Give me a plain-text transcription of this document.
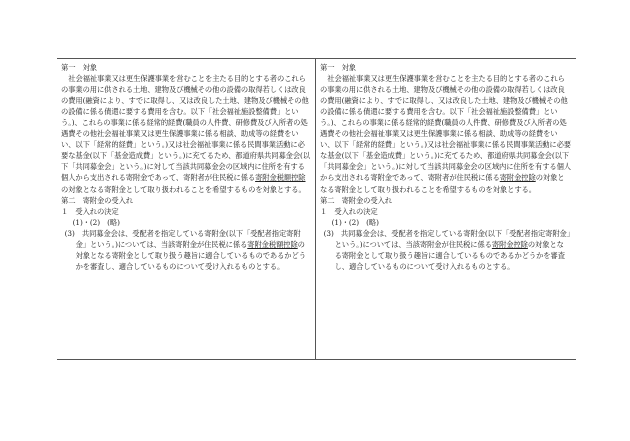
第一　対象

社会福祉事業又は更生保護事業を営むことを主たる目的とする者のこれらの事業の用に供される土地、建物及び機械その他の設備の取得若しくは改良の費用(融資により、すでに取得し、又は改良した土地、建物及び機械その他の設備に係る債還に要する費用を含む。以下「社会福祉施設整備費」という。)、これらの事業に係る経常的経費(職員の人件費、研修費及び入所者の処遇費その他社会福祉事業又は更生保護事業に係る相談、助成等の経費をいい、以下「経常的経費」という。)又は社会福祉事業に係る民間事業活動に必要な基金(以下「基金造成費」という。)に充てるため、都道府県共同募金会(以下「共同募金会」という。)に対して当該共同募金会の区域内に住所を有する個人から支出される寄附金であって、寄附者が住民税に係る寄附金税額控除の対象となる寄附金として取り扱われることを希望するものを対象とする。

第二　寄附金の受入れ

１　受入れの決定

(1)・(2)　(略)

(3)　共同募金会は、受配者を指定している寄附金(以下「受配者指定寄附金」という。)については、当該寄附金が住民税に係る寄附金税額控除の対象となる寄附金として取り扱う趣旨に適合しているものであるかどうかを審査し、適合しているものについて受け入れるものとする。

第一　対象

社会福祉事業又は更生保護事業を営むことを主たる目的とする者のこれらの事業の用に供される土地、建物及び機械その他の設備の取得若しくは改良の費用(融資により、すでに取得し、又は改良した土地、建物及び機械その他の設備に係る債還に要する費用を含む。以下「社会福祉施設整備費」という。)、これらの事業に係る経常的経費(職員の人件費、研修費及び入所者の処遇費その他社会福祉事業又は更生保護事業に係る相談、助成等の経費をいい、以下「経常的経費」という。)又は社会福祉事業に係る民間事業活動に必要な基金(以下「基金造成費」という。)に充てるため、都道府県共同募金会(以下「共同募金会」という。)に対して当該共同募金会の区域内に住所を有する個人から支出される寄附金であって、寄附者が住民税に係る寄附金控除の対象となる寄附金として取り扱われることを希望するものを対象とする。

第二　寄附金の受入れ

１　受入れの決定

(1)・(2)　(略)

(3)　共同募金会は、受配者を指定している寄附金(以下「受配者指定寄附金」という。)については、当該寄附金が住民税に係る寄附金控除の対象となる寄附金として取り扱う趣旨に適合しているものであるかどうかを審査し、適合しているものについて受け入れるものとする。
